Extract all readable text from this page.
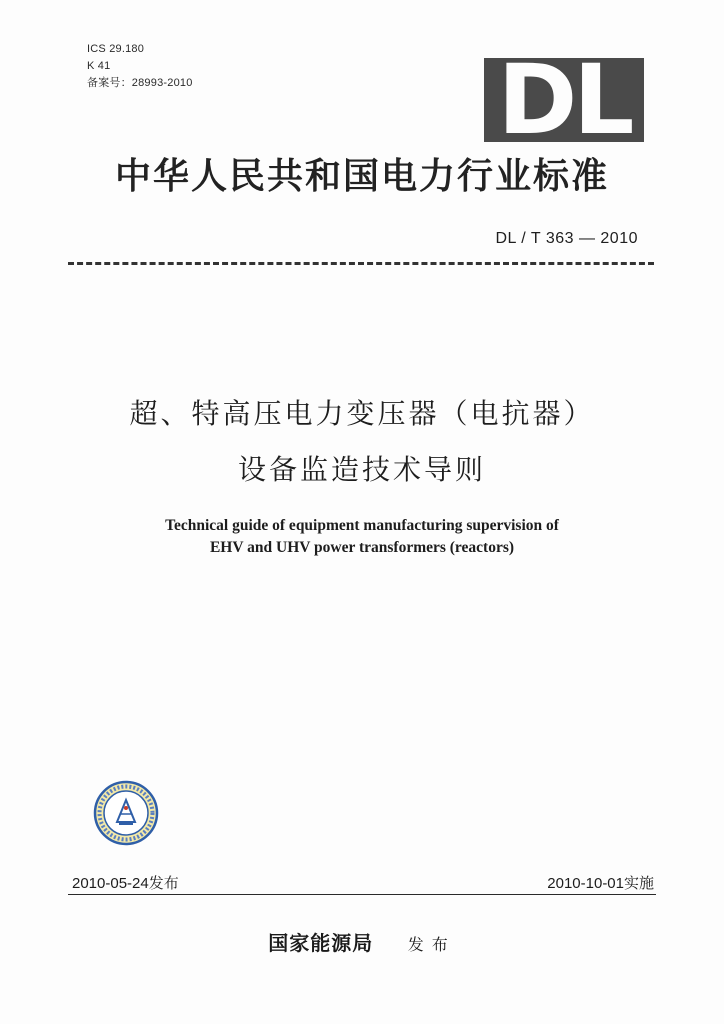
ICS 29.180
K 41
备案号：28993-2010	DL
中华人民共和国电力行业标准
DL / T 363 — 2010
超、特高压电力变压器（电抗器）
设备监造技术导则
Technical guide of equipment manufacturing supervision of
EHV and UHV power transformers (reactors)
2010-05-24发布	2010-10-01实施
国家能源局 发布
